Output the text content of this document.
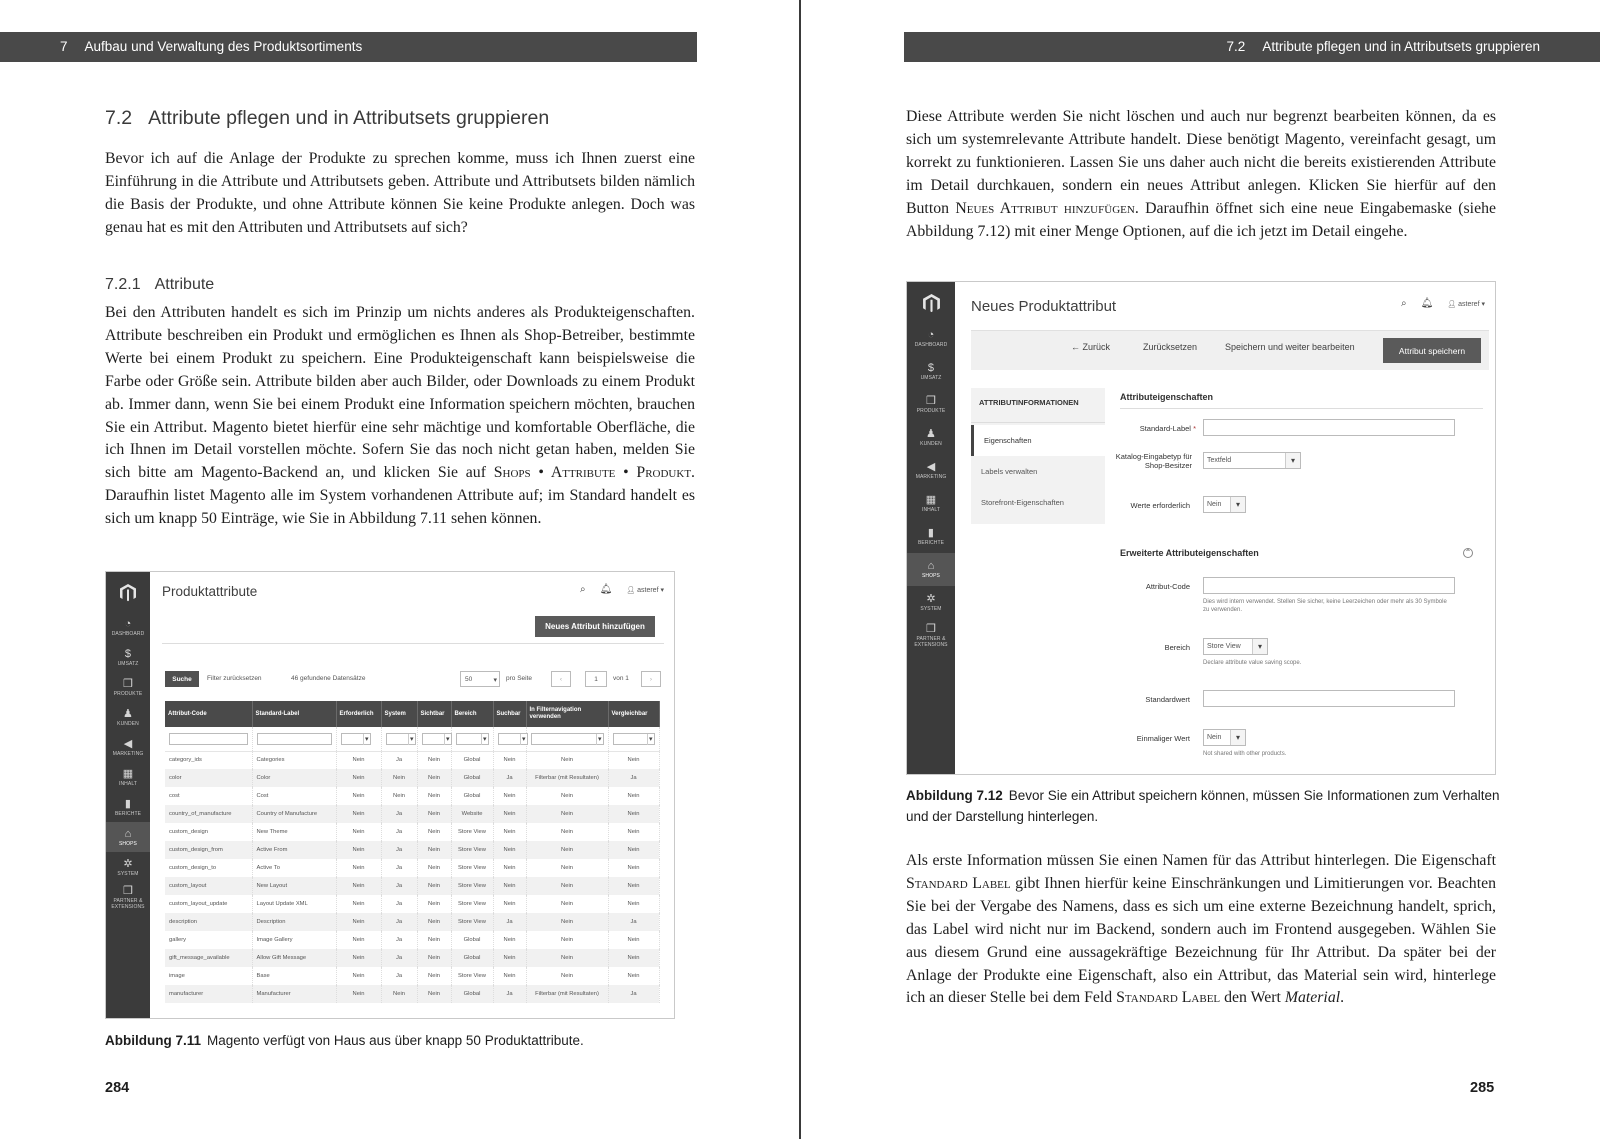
7 Aufbau und Verwaltung des Produktsortiments
7.2 Attribute pflegen und in Attributsets gruppieren
Bevor ich auf die Anlage der Produkte zu sprechen komme, muss ich Ihnen zuerst eine Einführung in die Attribute und Attributsets geben. Attribute und Attributsets bilden nämlich die Basis der Produkte, und ohne Attribute können Sie keine Produkte anlegen. Doch was genau hat es mit den Attributen und Attributsets auf sich?
7.2.1 Attribute
Bei den Attributen handelt es sich im Prinzip um nichts anderes als Produkteigenschaften. Attribute beschreiben ein Produkt und ermöglichen es Ihnen als Shop-Betreiber, bestimmte Werte bei einem Produkt zu speichern. Eine Produkteigenschaft kann beispielsweise die Farbe oder Größe sein. Attribute bilden aber auch Bilder, oder Downloads zu einem Produkt ab. Immer dann, wenn Sie bei einem Produkt eine Information speichern möchten, brauchen Sie ein Attribut. Magento bietet hierfür eine sehr mächtige und komfortable Oberfläche, die ich Ihnen im Detail vorstellen möchte. Sofern Sie das noch nicht getan haben, melden Sie sich bitte am Magento-Backend an, und klicken Sie auf Shops • Attribute • Produkt. Daraufhin listet Magento alle im System vorhandenen Attribute auf; im Standard handelt es sich um knapp 50 Einträge, wie Sie in Abbildung 7.11 sehen können.
◔
DASHBOARD
$
UMSATZ
❒
PRODUKTE
♟
KUNDEN
◀
MARKETING
▦
INHALT
▮
BERICHTE
⌂
SHOPS
✲
SYSTEM
❒
PARTNER & EXTENSIONS
Produktattribute	⌕ 🔔︎ 👤︎ asteref ▾
Neues Attribut hinzufügen
Suche	Filter zurücksetzen	46 gefundene Datensätze	50	▾ pro Seite	‹	1	von 1	›
Attribut-Code	Standard-Label	Erforderlich	System	Sichtbar	Bereich	Suchbar	In Filternavigation verwenden	Vergleichbar

▾

▾

▾

▾

▾

▾

▾

category_ids	Categories	Nein	Ja	Nein	Global	Nein	Nein	Nein
color	Color	Nein	Nein	Nein	Global	Ja	Filterbar (mit Resultaten)	Ja
cost	Cost	Nein	Nein	Nein	Global	Nein	Nein	Nein
country_of_manufacture	Country of Manufacture	Nein	Ja	Nein	Website	Nein	Nein	Nein
custom_design	New Theme	Nein	Ja	Nein	Store View	Nein	Nein	Nein
custom_design_from	Active From	Nein	Ja	Nein	Store View	Nein	Nein	Nein
custom_design_to	Active To	Nein	Ja	Nein	Store View	Nein	Nein	Nein
custom_layout	New Layout	Nein	Ja	Nein	Store View	Nein	Nein	Nein
custom_layout_update	Layout Update XML	Nein	Ja	Nein	Store View	Nein	Nein	Nein
description	Description	Nein	Ja	Nein	Store View	Ja	Nein	Ja
gallery	Image Gallery	Nein	Ja	Nein	Global	Nein	Nein	Nein
gift_message_available	Allow Gift Message	Nein	Ja	Nein	Global	Nein	Nein	Nein
image	Base	Nein	Ja	Nein	Store View	Nein	Nein	Nein
manufacturer	Manufacturer	Nein	Nein	Nein	Global	Ja	Filterbar (mit Resultaten)	Ja
Abbildung 7.11 Magento verfügt von Haus aus über knapp 50 Produktattribute.
284
7.2 Attribute pflegen und in Attributsets gruppieren
Diese Attribute werden Sie nicht löschen und auch nur begrenzt bearbeiten können, da es sich um systemrelevante Attribute handelt. Diese benötigt Magento, vereinfacht gesagt, um korrekt zu funktionieren. Lassen Sie uns daher auch nicht die bereits existierenden Attribute im Detail durchkauen, sondern ein neues Attribut anlegen. Klicken Sie hierfür auf den Button Neues Attribut hinzufügen. Daraufhin öffnet sich eine neue Eingabemaske (siehe Abbildung 7.12) mit einer Menge Optionen, auf die ich jetzt im Detail eingehe.
◔
DASHBOARD
$
UMSATZ
❒
PRODUKTE
♟
KUNDEN
◀
MARKETING
▦
INHALT
▮
BERICHTE
⌂
SHOPS
✲
SYSTEM
❒
PARTNER & EXTENSIONS
Neues Produktattribut	⌕ 🔔︎ 👤︎ asteref ▾
← Zurück	Zurücksetzen	Speichern und weiter bearbeiten	Attribut speichern
ATTRIBUTINFORMATIONEN
Eigenschaften
Labels verwalten
Storefront-Eigenschaften
Attributeigenschaften
Standard-Label *
Katalog-Eingabetyp für Shop-Besitzer
Textfeld ▾
Werte erforderlich	Nein ▾
Erweiterte Attributeigenschaften	⌃
Attribut-Code
Dies wird intern verwendet. Stellen Sie sicher, keine Leerzeichen oder mehr als 30 Symbole zu verwenden.
Bereich	Store View ▾
Declare attribute value saving scope.
Standardwert
Einmaliger Wert	Nein ▾
Not shared with other products.
Abbildung 7.12 Bevor Sie ein Attribut speichern können, müssen Sie Informationen zum Verhalten und der Darstellung hinterlegen.
Als erste Information müssen Sie einen Namen für das Attribut hinterlegen. Die Eigenschaft Standard Label gibt Ihnen hierfür keine Einschränkungen und Limitierungen vor. Beachten Sie bei der Vergabe des Namens, dass es sich um eine externe Bezeichnung handelt, sprich, das Label wird nicht nur im Backend, sondern auch im Frontend ausgegeben. Wählen Sie aus diesem Grund eine aussagekräftige Bezeichnung für Ihr Attribut. Da später bei der Anlage der Produkte eine Eigenschaft, also ein Attribut, das Material sein wird, hinterlege ich an dieser Stelle bei dem Feld Standard Label den Wert Material.
285
